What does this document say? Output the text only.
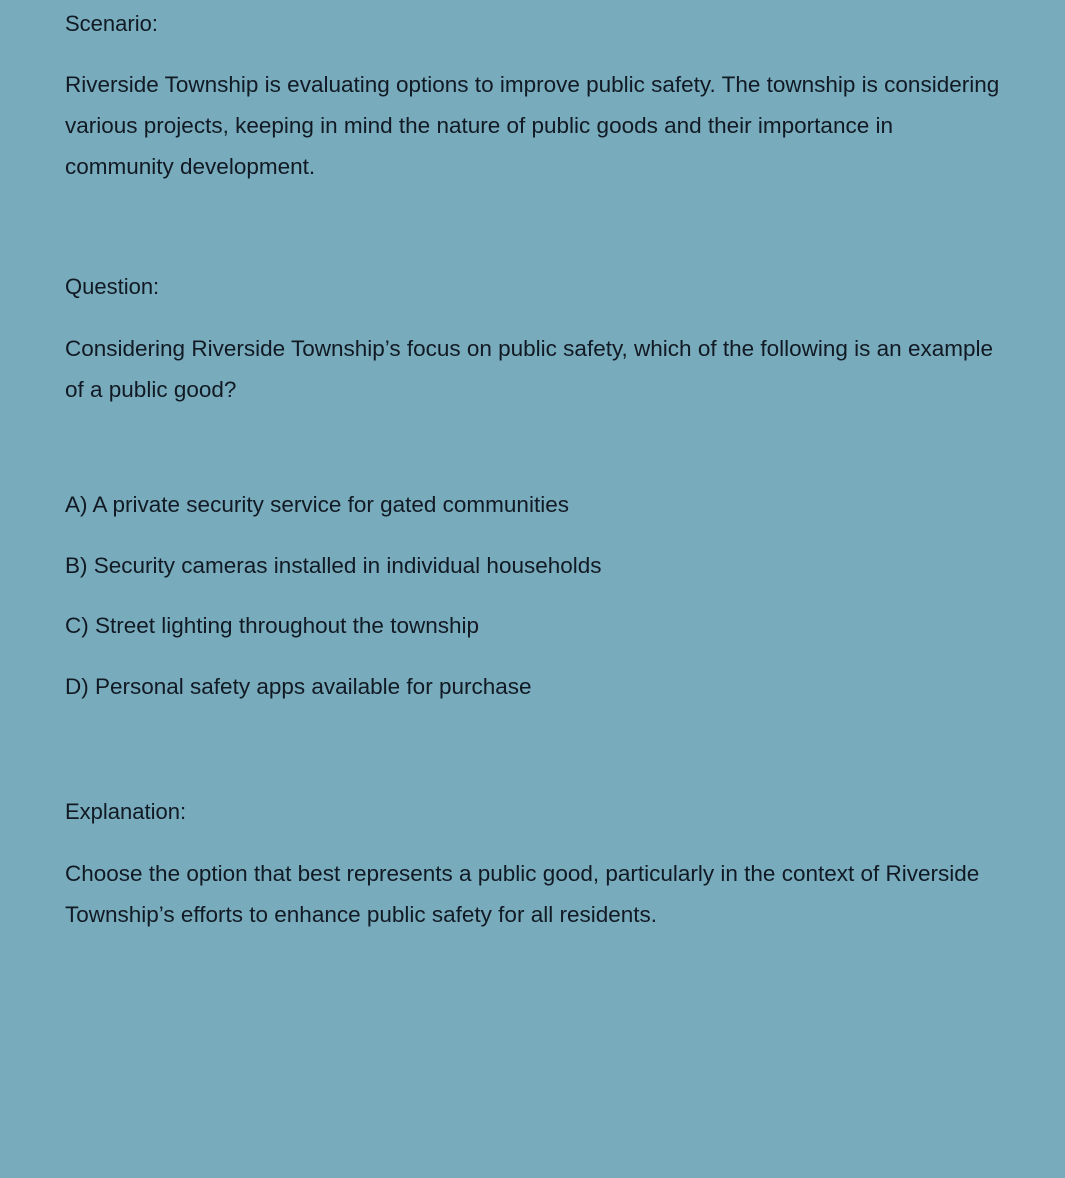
Scenario:

Riverside Township is evaluating options to improve public safety. The township is considering various projects, keeping in mind the nature of public goods and their importance in community development.

Question:

Considering Riverside Township’s focus on public safety, which of the following is an example of a public good?

A) A private security service for gated communities
B) Security cameras installed in individual households
C) Street lighting throughout the township
D) Personal safety apps available for purchase
Explanation:

Choose the option that best represents a public good, particularly in the context of Riverside Township’s efforts to enhance public safety for all residents.
